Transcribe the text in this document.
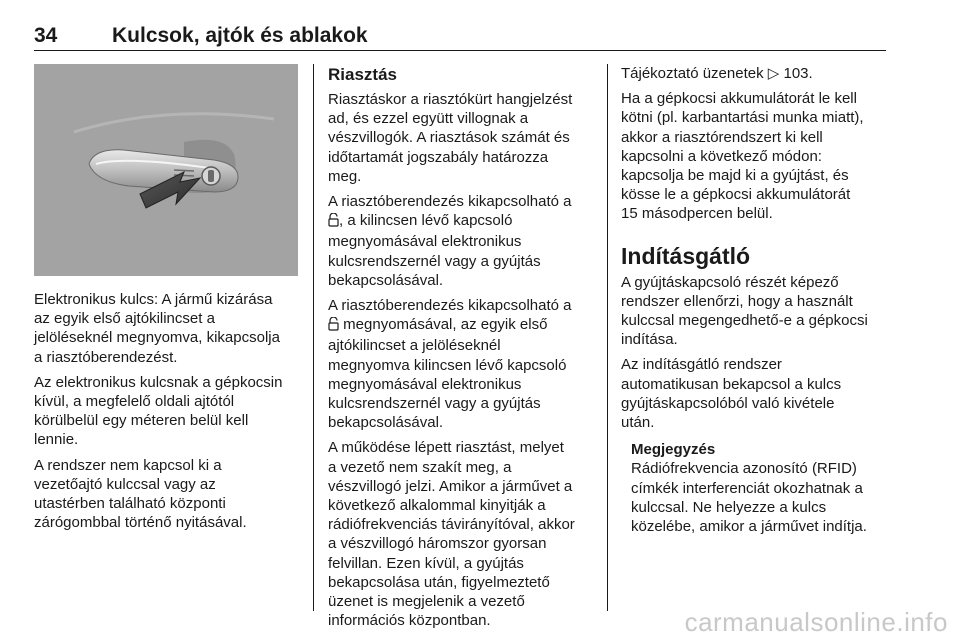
34	Kulcsok, ajtók és ablakok

Elektronikus kulcs: A jármű kizárása
az egyik első ajtókilincset a
jelöléseknél megnyomva, kikapcsolja
a riasztóberendezést.

Az elektronikus kulcsnak a gépkocsin
kívül, a megfelelő oldali ajtótól
körülbelül egy méteren belül kell
lennie.

A rendszer nem kapcsol ki a
vezetőajtó kulccsal vagy az
utastérben található központi
zárógombbal történő nyitásával.

Riasztás

Riasztáskor a riasztókürt hangjelzést
ad, és ezzel együtt villognak a
vészvillogók. A riasztások számát és
időtartamát jogszabály határozza
meg.

A riasztóberendezés kikapcsolható a
, a kilincsen lévő kapcsoló
megnyomásával elektronikus
kulcsrendszernél vagy a gyújtás
bekapcsolásával.

A riasztóberendezés kikapcsolható a
megnyomásával, az egyik első
ajtókilincset a jelöléseknél
megnyomva kilincsen lévő kapcsoló
megnyomásával elektronikus
kulcsrendszernél vagy a gyújtás
bekapcsolásával.

A működése lépett riasztást, melyet
a vezető nem szakít meg, a
vészvillogó jelzi. Amikor a járművet a
következő alkalommal kinyitják a
rádiófrekvenciás távirányítóval, akkor
a vészvillogó háromszor gyorsan
felvillan. Ezen kívül, a gyújtás
bekapcsolása után, figyelmeztető
üzenet is megjelenik a vezető
információs központban.

Tájékoztató üzenetek ▷ 103.

Ha a gépkocsi akkumulátorát le kell
kötni (pl. karbantartási munka miatt),
akkor a riasztórendszert ki kell
kapcsolni a következő módon:
kapcsolja be majd ki a gyújtást, és
kösse le a gépkocsi akkumulátorát
15 másodpercen belül.

Indításgátló

A gyújtáskapcsoló részét képező
rendszer ellenőrzi, hogy a használt
kulccsal megengedhető-e a gépkocsi
indítása.

Az indításgátló rendszer
automatikusan bekapcsol a kulcs
gyújtáskapcsolóból való kivétele
után.

Megjegyzés
Rádiófrekvencia azonosító (RFID)
címkék interferenciát okozhatnak a
kulccsal. Ne helyezze a kulcs
közelébe, amikor a járművet indítja.
carmanualsonline.info
